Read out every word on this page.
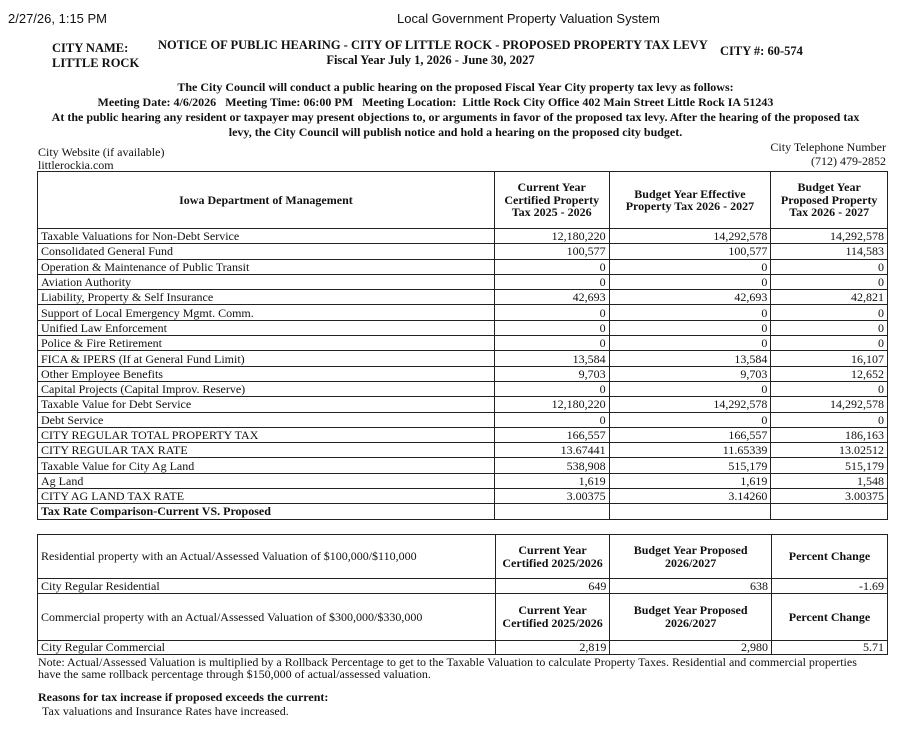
2/27/26, 1:15 PM	Local Government Property Valuation System
CITY NAME:
LITTLE ROCK
NOTICE OF PUBLIC HEARING - CITY OF LITTLE ROCK - PROPOSED PROPERTY TAX LEVY
Fiscal Year July 1, 2026 - June 30, 2027
CITY #: 60-574
The City Council will conduct a public hearing on the proposed Fiscal Year City property tax levy as follows:
Meeting Date: 4/6/2026 Meeting Time: 06:00 PM Meeting Location: Little Rock City Office 402 Main Street Little Rock IA 51243
At the public hearing any resident or taxpayer may present objections to, or arguments in favor of the proposed tax levy. After the hearing of the proposed tax
levy, the City Council will publish notice and hold a hearing on the proposed city budget.
City Website (if available)
littlerockia.com
City Telephone Number
(712) 479-2852
Iowa Department of Management	Current Year Certified Property Tax 2025 - 2026	Budget Year Effective Property Tax 2026 - 2027	Budget Year Proposed Property Tax 2026 - 2027
Taxable Valuations for Non-Debt Service	12,180,220	14,292,578	14,292,578
Consolidated General Fund	100,577	100,577	114,583
Operation & Maintenance of Public Transit	0	0	0
Aviation Authority	0	0	0
Liability, Property & Self Insurance	42,693	42,693	42,821
Support of Local Emergency Mgmt. Comm.	0	0	0
Unified Law Enforcement	0	0	0
Police & Fire Retirement	0	0	0
FICA & IPERS (If at General Fund Limit)	13,584	13,584	16,107
Other Employee Benefits	9,703	9,703	12,652
Capital Projects (Capital Improv. Reserve)	0	0	0
Taxable Value for Debt Service	12,180,220	14,292,578	14,292,578
Debt Service	0	0	0
CITY REGULAR TOTAL PROPERTY TAX	166,557	166,557	186,163
CITY REGULAR TAX RATE	13.67441	11.65339	13.02512
Taxable Value for City Ag Land	538,908	515,179	515,179
Ag Land	1,619	1,619	1,548
CITY AG LAND TAX RATE	3.00375	3.14260	3.00375
Tax Rate Comparison-Current VS. Proposed			
Residential property with an Actual/Assessed Valuation of $100,000/$110,000	Current Year Certified 2025/2026	Budget Year Proposed 2026/2027	Percent Change
City Regular Residential	649	638	-1.69
Commercial property with an Actual/Assessed Valuation of $300,000/$330,000	Current Year Certified 2025/2026	Budget Year Proposed 2026/2027	Percent Change
City Regular Commercial	2,819	2,980	5.71
Note: Actual/Assessed Valuation is multiplied by a Rollback Percentage to get to the Taxable Valuation to calculate Property Taxes. Residential and commercial properties
have the same rollback percentage through $150,000 of actual/assessed valuation.
Reasons for tax increase if proposed exceeds the current:
Tax valuations and Insurance Rates have increased.
